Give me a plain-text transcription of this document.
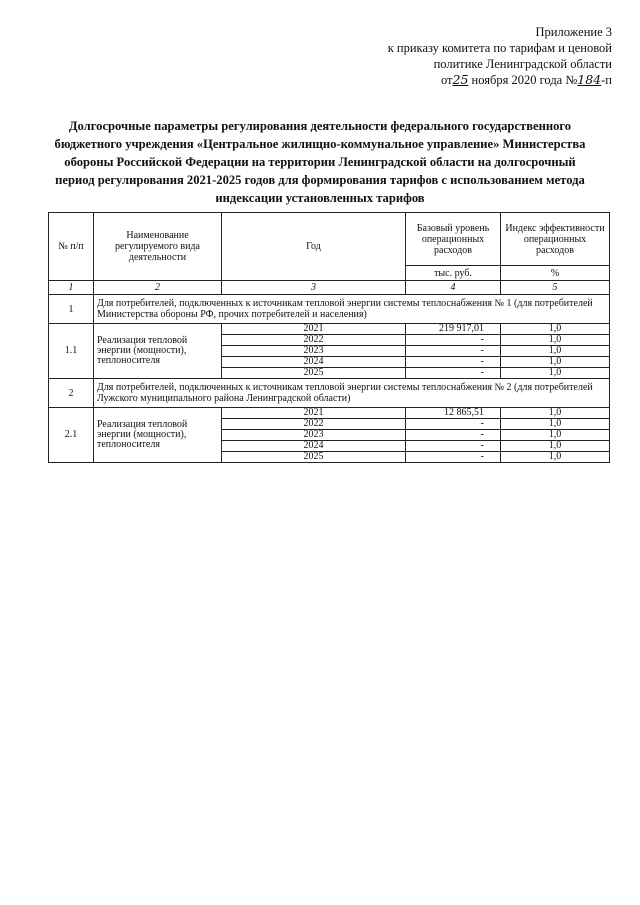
Приложение 3
к приказу комитета по тарифам и ценовой
политике Ленинградской области
от25 ноября 2020 года №184-п
Долгосрочные параметры регулирования деятельности федерального государственного бюджетного учреждения «Центральное жилищно-коммунальное управление» Министерства обороны Российской Федерации на территории Ленинградской области на долгосрочный период регулирования 2021-2025 годов для формирования тарифов с использованием метода индексации установленных тарифов
№ п/п	Наименование регулируемого вида деятельности	Год	Базовый уровень операционных расходов	Индекс эффективности операционных расходов
			тыс. руб.	%
1	2	3	4	5
1	Для потребителей, подключенных к источникам тепловой энергии системы теплоснабжения № 1 (для потребителей Министерства обороны РФ, прочих потребителей и населения)			
1.1	Реализация тепловой энергии (мощности), теплоносителя	2021	219 917,01	1,0
		2022	-	1,0
		2023	-	1,0
		2024	-	1,0
		2025	-	1,0
2	Для потребителей, подключенных к источникам тепловой энергии системы теплоснабжения № 2 (для потребителей Лужского муниципального района Ленинградской области)			
2.1	Реализация тепловой энергии (мощности), теплоносителя	2021	12 865,51	1,0
		2022	-	1,0
		2023	-	1,0
		2024	-	1,0
		2025	-	1,0
